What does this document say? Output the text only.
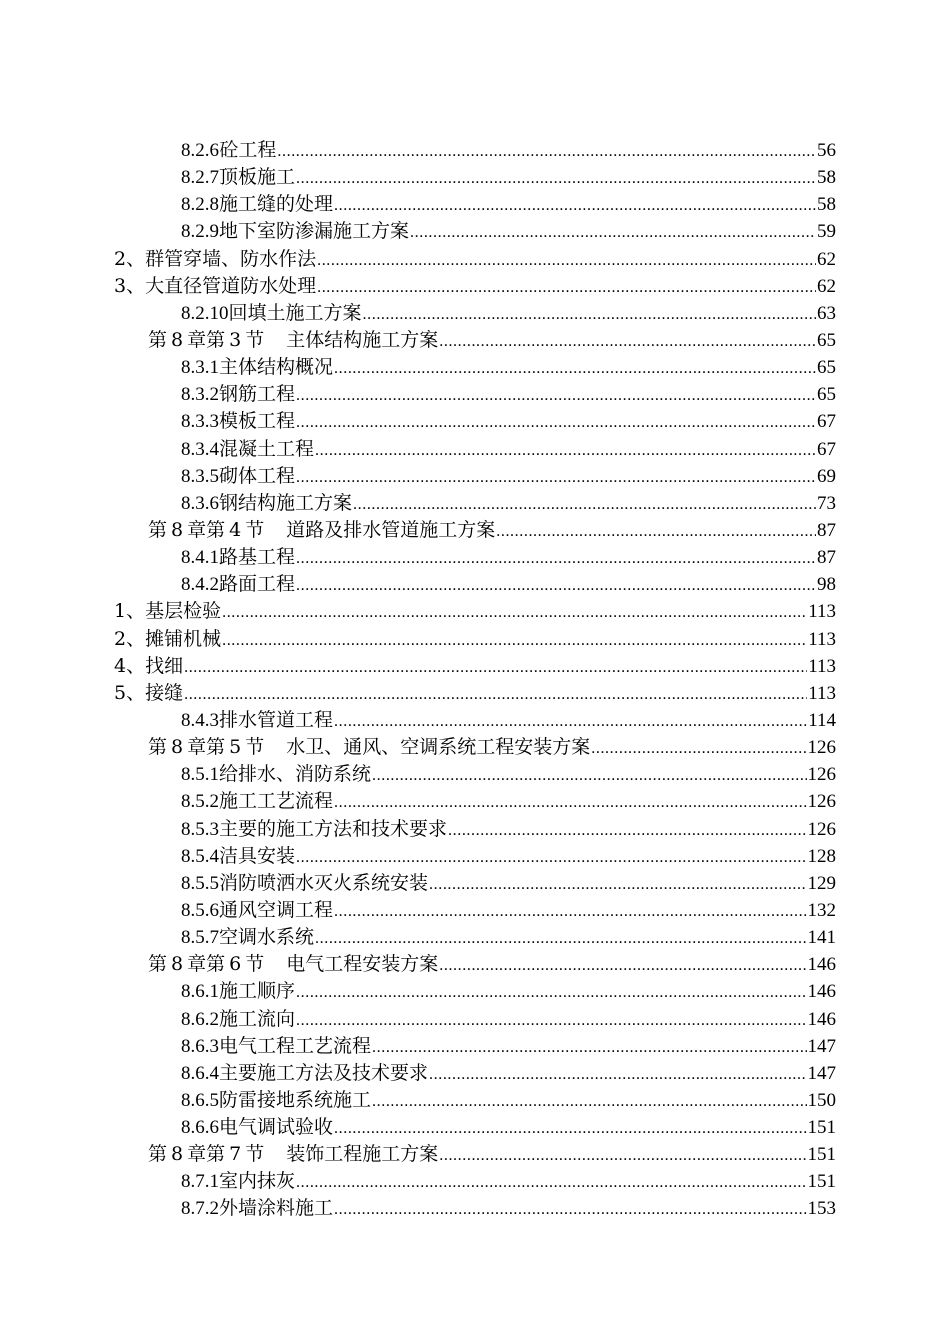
8.2.6 砼工程 .....	56
8.2.7 顶板施工 .....	58
8.2.8 施工缝的处理 .....	58
8.2.9 地下室防渗漏施工方案 .....	59
2、群管穿墙、防水作法 .....	62
3、大直径管道防水处理 .....	62
8.2.10 回填土施工方案 .....	63
第 8 章第 3 节 主体结构施工方案 .....	65
8.3.1 主体结构概况 .....	65
8.3.2 钢筋工程 .....	65
8.3.3 模板工程 .....	67
8.3.4 混凝土工程 .....	67
8.3.5 砌体工程 .....	69
8.3.6 钢结构施工方案 .....	73
第 8 章第 4 节 道路及排水管道施工方案 .....	87
8.4.1 路基工程 .....	87
8.4.2 路面工程 .....	98
1、基层检验 .....	113
2、摊铺机械 .....	113
4、找细 .....	113
5、接缝 .....	113
8.4.3 排水管道工程 .....	114
第 8 章第 5 节 水卫、通风、空调系统工程安装方案 .....	126
8.5.1 给排水、消防系统 .....	126
8.5.2 施工工艺流程 .....	126
8.5.3 主要的施工方法和技术要求 .....	126
8.5.4 洁具安装 .....	128
8.5.5 消防喷洒水灭火系统安装 .....	129
8.5.6 通风空调工程 .....	132
8.5.7 空调水系统 .....	141
第 8 章第 6 节 电气工程安装方案 .....	146
8.6.1 施工顺序 .....	146
8.6.2 施工流向 .....	146
8.6.3 电气工程工艺流程 .....	147
8.6.4 主要施工方法及技术要求 .....	147
8.6.5 防雷接地系统施工 .....	150
8.6.6 电气调试验收 .....	151
第 8 章第 7 节 装饰工程施工方案 .....	151
8.7.1 室内抹灰 .....	151
8.7.2 外墙涂料施工 .....	153
